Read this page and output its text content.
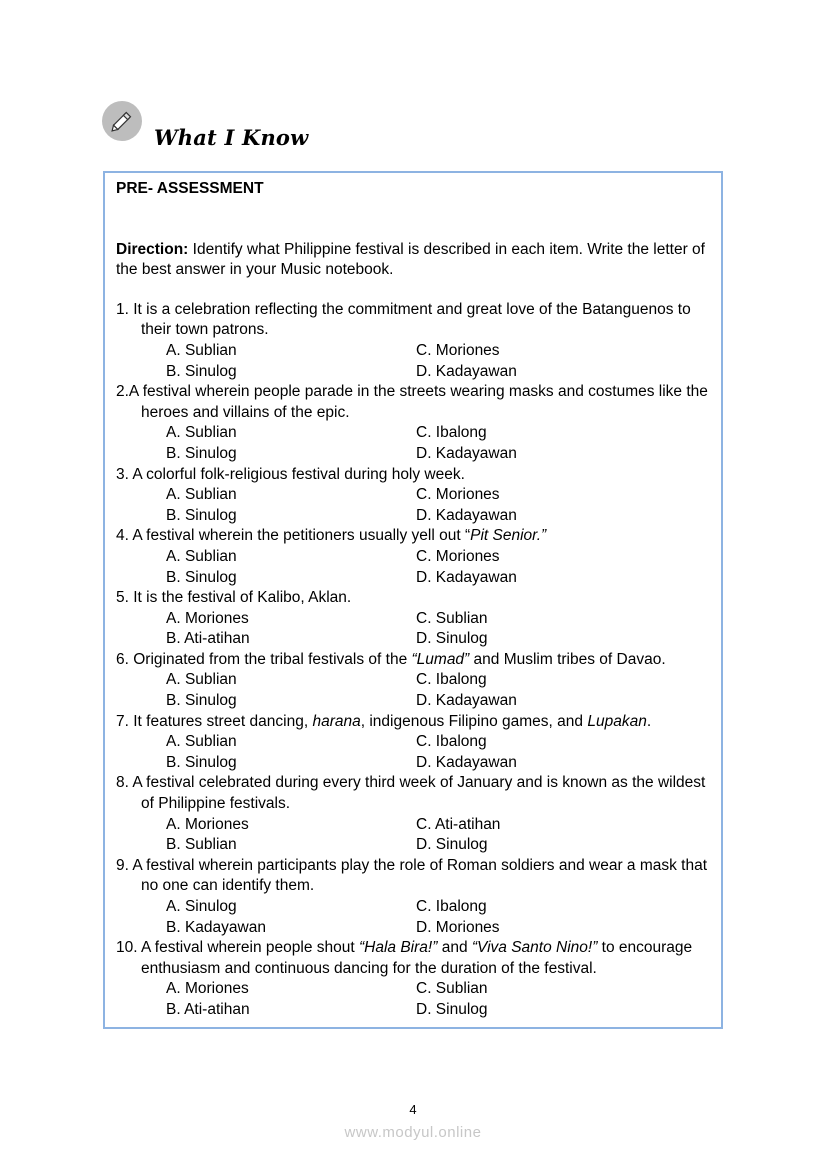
What I Know
PRE- ASSESSMENT
Direction: Identify what Philippine festival is described in each item. Write the letter of the best answer in your Music notebook.
1. It is a celebration reflecting the commitment and great love of the Batanguenos to their town patrons.
A. Sublian	C. Moriones
B. Sinulog	D. Kadayawan
2.A festival wherein people parade in the streets wearing masks and costumes like the heroes and villains of the epic.
A. Sublian	C. Ibalong
B. Sinulog	D. Kadayawan
3. A colorful folk-religious festival during holy week.
A. Sublian	C. Moriones
B. Sinulog	D. Kadayawan
4. A festival wherein the petitioners usually yell out “Pit Senior.”
A. Sublian	C. Moriones
B. Sinulog	D. Kadayawan
5. It is the festival of Kalibo, Aklan.
A. Moriones	C. Sublian
B. Ati-atihan	D. Sinulog
6. Originated from the tribal festivals of the “Lumad” and Muslim tribes of Davao.
A. Sublian	C. Ibalong
B. Sinulog	D. Kadayawan
7. It features street dancing, harana, indigenous Filipino games, and Lupakan.
A. Sublian	C. Ibalong
B. Sinulog	D. Kadayawan
8. A festival celebrated during every third week of January and is known as the wildest of Philippine festivals.
A. Moriones	C. Ati-atihan
B. Sublian	D. Sinulog
9. A festival wherein participants play the role of Roman soldiers and wear a mask that no one can identify them.
A. Sinulog	C. Ibalong
B. Kadayawan	D. Moriones
10. A festival wherein people shout “Hala Bira!” and “Viva Santo Nino!” to encourage enthusiasm and continuous dancing for the duration of the festival.
A. Moriones	C. Sublian
B. Ati-atihan	D. Sinulog
4
www.modyul.online
